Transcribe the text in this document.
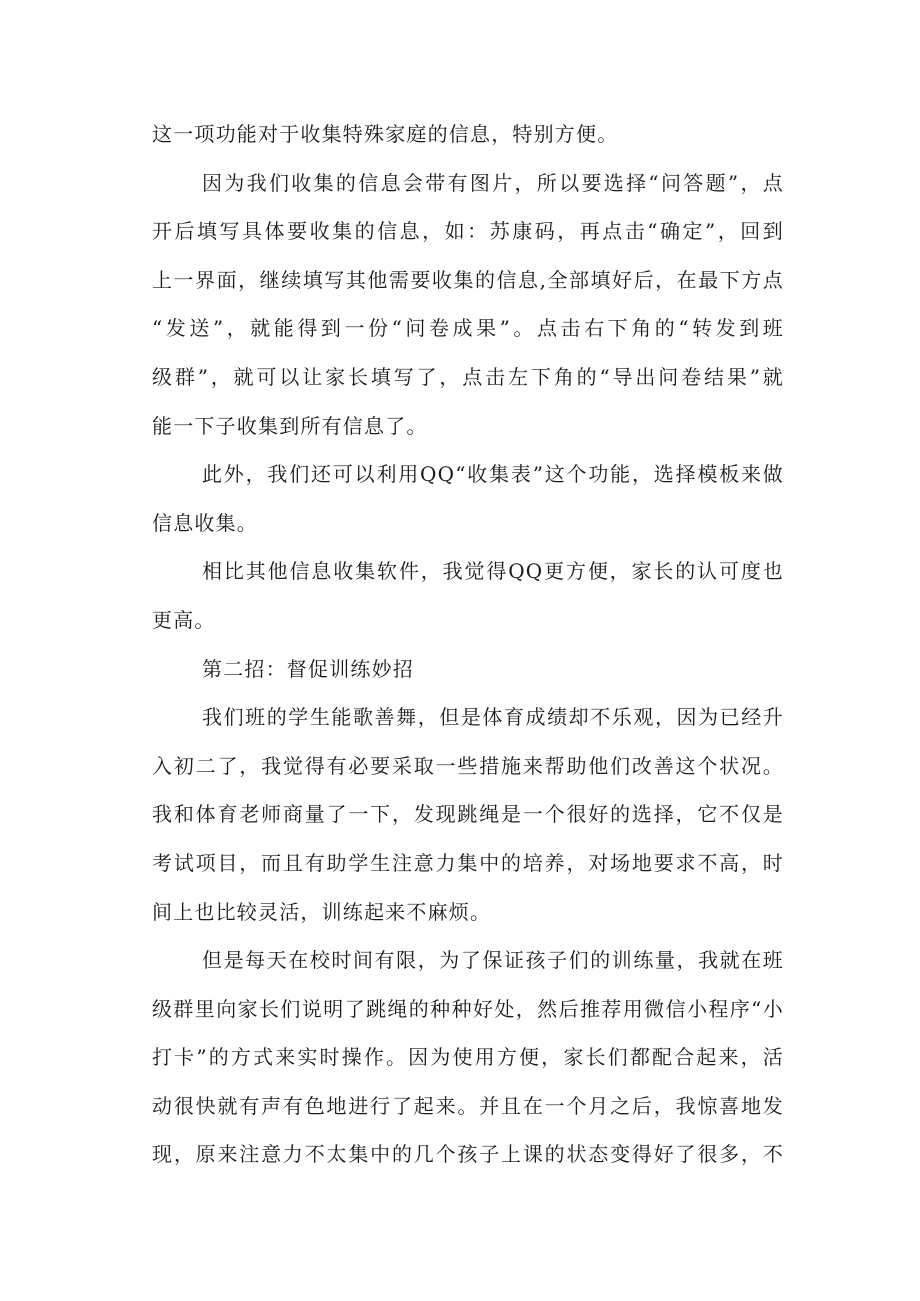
这一项功能对于收集特殊家庭的信息，特别方便。
因为我们收集的信息会带有图片，所以要选择“问答题”，点
开后填写具体要收集的信息，如：苏康码，再点击“确定”，回到
上一界面，继续填写其他需要收集的信息,全部填好后，在最下方点
“发送”，就能得到一份“问卷成果”。点击右下角的“转发到班
级群”，就可以让家长填写了，点击左下角的“导出问卷结果”就
能一下子收集到所有信息了。
此外，我们还可以利用QQ“收集表”这个功能，选择模板来做
信息收集。
相比其他信息收集软件，我觉得QQ更方便，家长的认可度也
更高。
第二招：督促训练妙招
我们班的学生能歌善舞，但是体育成绩却不乐观，因为已经升
入初二了，我觉得有必要采取一些措施来帮助他们改善这个状况。
我和体育老师商量了一下，发现跳绳是一个很好的选择，它不仅是
考试项目，而且有助学生注意力集中的培养，对场地要求不高，时
间上也比较灵活，训练起来不麻烦。
但是每天在校时间有限，为了保证孩子们的训练量，我就在班
级群里向家长们说明了跳绳的种种好处，然后推荐用微信小程序“小
打卡”的方式来实时操作。因为使用方便，家长们都配合起来，活
动很快就有声有色地进行了起来。并且在一个月之后，我惊喜地发
现，原来注意力不太集中的几个孩子上课的状态变得好了很多，不
